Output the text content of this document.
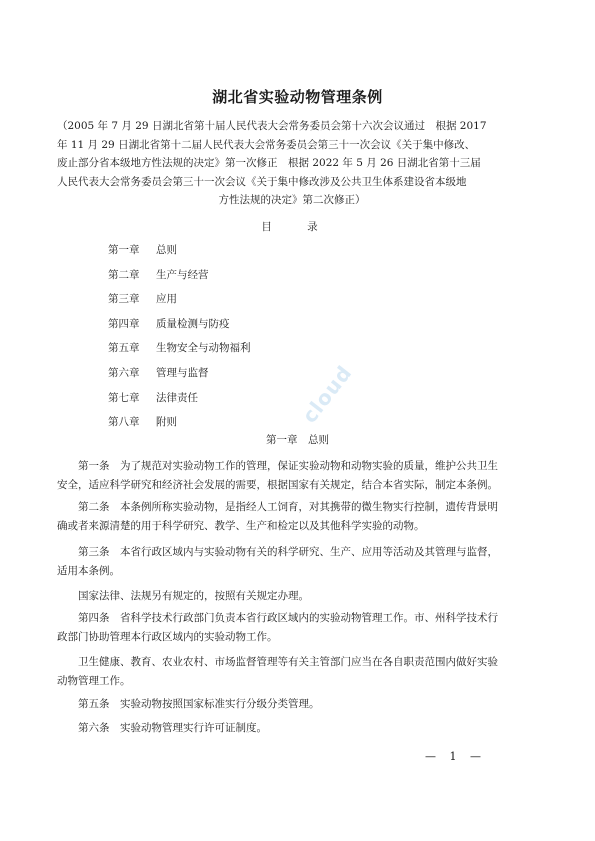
湖北省实验动物管理条例
（2005 年 7 月 29 日湖北省第十届人民代表大会常务委员会第十六次会议通过　根据 2017
年 11 月 29 日湖北省第十二届人民代表大会常务委员会第三十一次会议《关于集中修改、
废止部分省本级地方性法规的决定》第一次修正　根据 2022 年 5 月 26 日湖北省第十三届
人民代表大会常务委员会第三十一次会议《关于集中修改涉及公共卫生体系建设省本级地
方性法规的决定》第二次修正）
目 录
第一章 总则
第二章 生产与经营
第三章 应用
第四章 质量检测与防疫
第五章 生物安全与动物福利
第六章 管理与监督
第七章 法律责任
第八章 附则	cloud
第一章　总则
第一条　为了规范对实验动物工作的管理，保证实验动物和动物实验的质量，维护公共卫生
安全，适应科学研究和经济社会发展的需要，根据国家有关规定，结合本省实际，制定本条例。
第二条　本条例所称实验动物，是指经人工饲育，对其携带的微生物实行控制，遗传背景明
确或者来源清楚的用于科学研究、教学、生产和检定以及其他科学实验的动物。
第三条　本省行政区域内与实验动物有关的科学研究、生产、应用等活动及其管理与监督，
适用本条例。
国家法律、法规另有规定的，按照有关规定办理。
第四条　省科学技术行政部门负责本省行政区域内的实验动物管理工作。市、州科学技术行
政部门协助管理本行政区域内的实验动物工作。
卫生健康、教育、农业农村、市场监督管理等有关主管部门应当在各自职责范围内做好实验
动物管理工作。
第五条　实验动物按照国家标准实行分级分类管理。
第六条　实验动物管理实行许可证制度。
— 1 —
